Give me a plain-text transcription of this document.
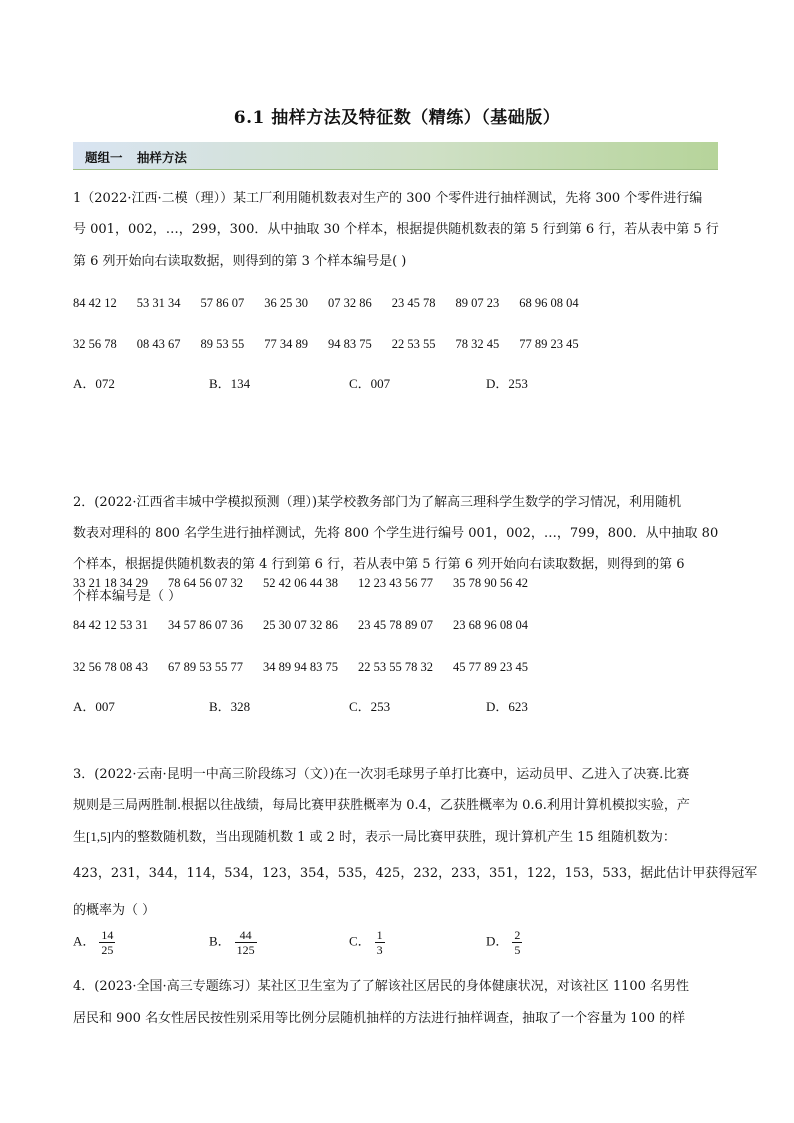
6.1 抽样方法及特征数（精练）（基础版）
题组一 抽样方法
1（2022·江西·二模（理））某工厂利用随机数表对生产的 300 个零件进行抽样测试，先将 300 个零件进行编
号 001，002，…，299，300．从中抽取 30 个样本，根据提供随机数表的第 5 行到第 6 行，若从表中第 5 行
第 6 列开始向右读取数据，则得到的第 3 个样本编号是( )
84 42 12 53 31 34 57 86 07 36 25 30 07 32 86 23 45 78 89 07 23 68 96 08 04
32 56 78 08 43 67 89 53 55 77 34 89 94 83 75 22 53 55 78 32 45 77 89 23 45
A．072	B．134	C．007	D．253
2．(2022·江西省丰城中学模拟预测（理）)某学校教务部门为了解高三理科学生数学的学习情况，利用随机
数表对理科的 800 名学生进行抽样测试，先将 800 个学生进行编号 001，002，…，799，800．从中抽取 80
个样本，根据提供随机数表的第 4 行到第 6 行，若从表中第 5 行第 6 列开始向右读取数据，则得到的第 6
个样本编号是（ ）
33 21 18 34 29 78 64 56 07 32 52 42 06 44 38 12 23 43 56 77 35 78 90 56 42
84 42 12 53 31 34 57 86 07 36 25 30 07 32 86 23 45 78 89 07 23 68 96 08 04
32 56 78 08 43 67 89 53 55 77 34 89 94 83 75 22 53 55 78 32 45 77 89 23 45
A．007	B．328	C．253	D．623
3．(2022·云南·昆明一中高三阶段练习（文）)在一次羽毛球男子单打比赛中，运动员甲、乙进入了决赛.比赛
规则是三局两胜制.根据以往战绩，每局比赛甲获胜概率为 0.4，乙获胜概率为 0.6.利用计算机模拟实验，产
生[1,5]内的整数随机数，当出现随机数 1 或 2 时，表示一局比赛甲获胜，现计算机产生 15 组随机数为：
423，231，344，114，534，123，354，535，425，232，233，351，122，153，533，据此估计甲获得冠军
的概率为（ ）
A． $\frac{14}{25}$	B． $\frac{44}{125}$	C． $\frac{1}{3}$	D． $\frac{2}{5}$
4．(2023·全国·高三专题练习）某社区卫生室为了了解该社区居民的身体健康状况，对该社区 1100 名男性
居民和 900 名女性居民按性别采用等比例分层随机抽样的方法进行抽样调查，抽取了一个容量为 100 的样
